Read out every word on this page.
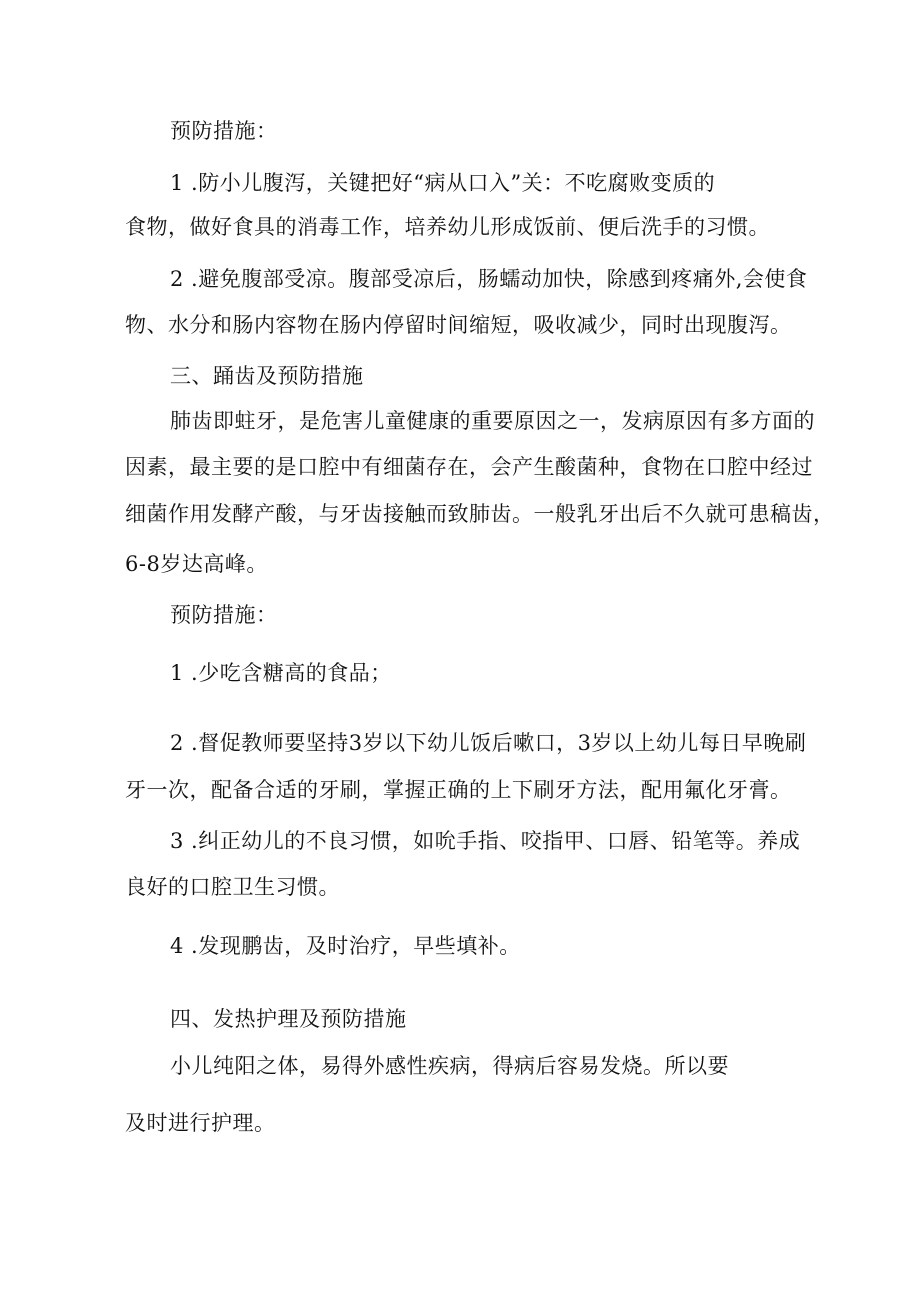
预防措施：
1 .防小儿腹泻，关键把好“病从口入”关：不吃腐败变质的
食物，做好食具的消毒工作，培养幼儿形成饭前、便后洗手的习惯。
2 .避免腹部受凉。腹部受凉后，肠蠕动加快，除感到疼痛外,会使食
物、水分和肠内容物在肠内停留时间缩短，吸收减少，同时出现腹泻。
三、踊齿及预防措施
肺齿即蛀牙，是危害儿童健康的重要原因之一，发病原因有多方面的
因素，最主要的是口腔中有细菌存在，会产生酸菌种，食物在口腔中经过
细菌作用发酵产酸，与牙齿接触而致肺齿。一般乳牙出后不久就可患稿齿，
6-8岁达高峰。
预防措施：
1 .少吃含糖高的食品；
2 .督促教师要坚持3岁以下幼儿饭后嗽口，3岁以上幼儿每日早晚刷
牙一次，配备合适的牙刷，掌握正确的上下刷牙方法，配用氟化牙膏。
3 .纠正幼儿的不良习惯，如吮手指、咬指甲、口唇、铅笔等。养成
良好的口腔卫生习惯。
4 .发现鹏齿，及时治疗，早些填补。
四、发热护理及预防措施
小儿纯阳之体，易得外感性疾病，得病后容易发烧。所以要
及时进行护理。
